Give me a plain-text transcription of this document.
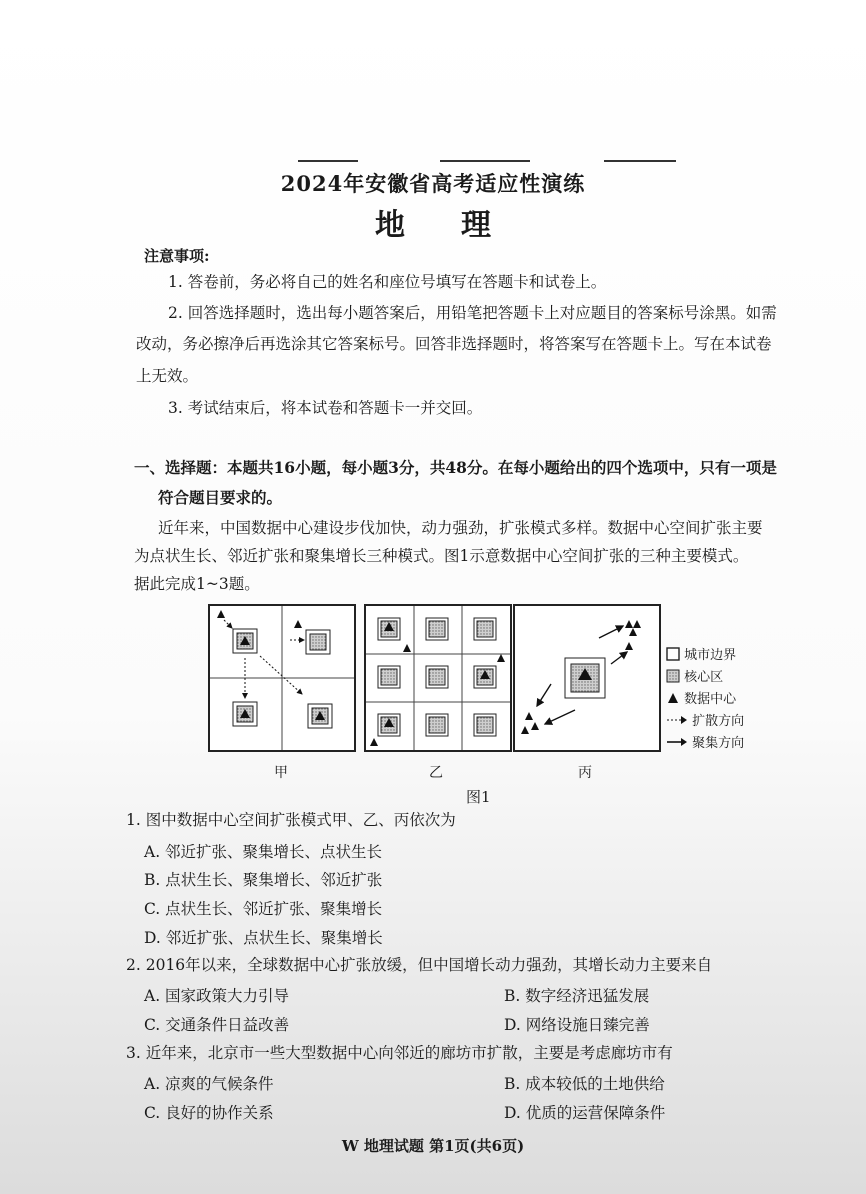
2024年安徽省高考适应性演练
地 理
注意事项:
1. 答卷前，务必将自己的姓名和座位号填写在答题卡和试卷上。
2. 回答选择题时，选出每小题答案后，用铅笔把答题卡上对应题目的答案标号涂黑。如需
改动，务必擦净后再选涂其它答案标号。回答非选择题时，将答案写在答题卡上。写在本试卷
上无效。
3. 考试结束后，将本试卷和答题卡一并交回。
一、选择题：本题共16小题，每小题3分，共48分。在每小题给出的四个选项中，只有一项是
符合题目要求的。
近年来，中国数据中心建设步伐加快，动力强劲，扩张模式多样。数据中心空间扩张主要
为点状生长、邻近扩张和聚集增长三种模式。图1示意数据中心空间扩张的三种主要模式。
据此完成1~3题。
甲	乙	丙
城市边界
核心区
数据中心
扩散方向
聚集方向
图1
1. 图中数据中心空间扩张模式甲、乙、丙依次为
A. 邻近扩张、聚集增长、点状生长
B. 点状生长、聚集增长、邻近扩张
C. 点状生长、邻近扩张、聚集增长
D. 邻近扩张、点状生长、聚集增长
2. 2016年以来，全球数据中心扩张放缓，但中国增长动力强劲，其增长动力主要来自
A. 国家政策大力引导	B. 数字经济迅猛发展
C. 交通条件日益改善	D. 网络设施日臻完善
3. 近年来，北京市一些大型数据中心向邻近的廊坊市扩散，主要是考虑廊坊市有
A. 凉爽的气候条件	B. 成本较低的土地供给
C. 良好的协作关系	D. 优质的运营保障条件
W 地理试题 第1页(共6页)
